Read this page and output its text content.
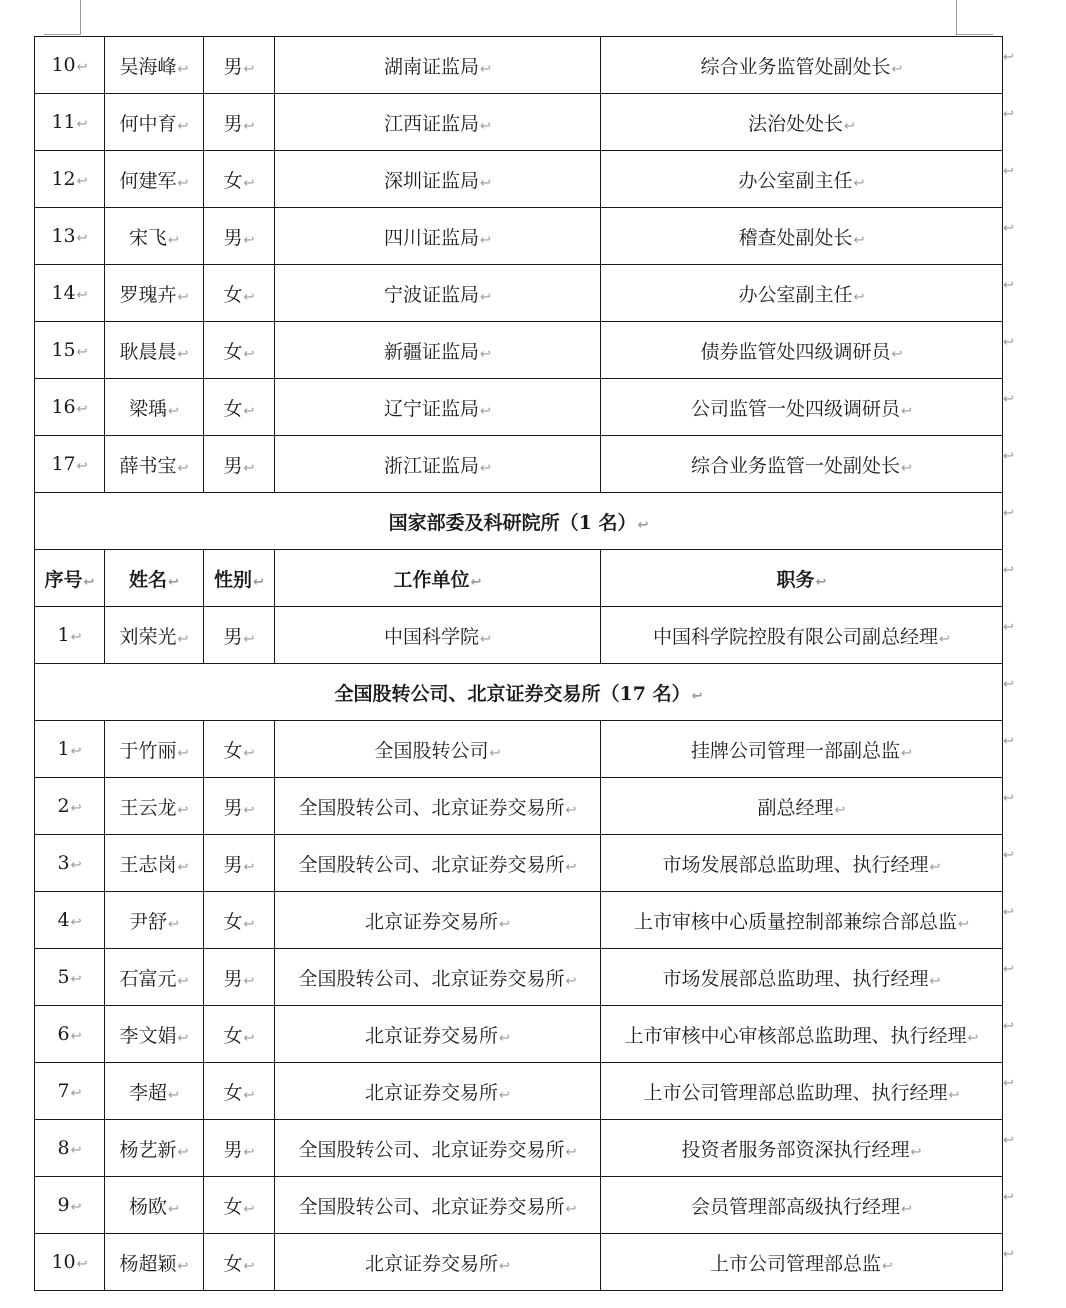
10↩	吴海峰↩	男↩	湖南证监局↩	综合业务监管处副处长↩
11↩	何中育↩	男↩	江西证监局↩	法治处处长↩
12↩	何建军↩	女↩	深圳证监局↩	办公室副主任↩
13↩	宋飞↩	男↩	四川证监局↩	稽查处副处长↩
14↩	罗瑰卉↩	女↩	宁波证监局↩	办公室副主任↩
15↩	耿晨晨↩	女↩	新疆证监局↩	债券监管处四级调研员↩
16↩	梁瑀↩	女↩	辽宁证监局↩	公司监管一处四级调研员↩
17↩	薛书宝↩	男↩	浙江证监局↩	综合业务监管一处副处长↩
国家部委及科研院所（1 名）↩				
序号↩	姓名↩	性别↩	工作单位↩	职务↩
1↩	刘荣光↩	男↩	中国科学院↩	中国科学院控股有限公司副总经理↩
全国股转公司、北京证券交易所（17 名）↩				
1↩	于竹丽↩	女↩	全国股转公司↩	挂牌公司管理一部副总监↩
2↩	王云龙↩	男↩	全国股转公司、北京证券交易所↩	副总经理↩
3↩	王志岗↩	男↩	全国股转公司、北京证券交易所↩	市场发展部总监助理、执行经理↩
4↩	尹舒↩	女↩	北京证券交易所↩	上市审核中心质量控制部兼综合部总监↩
5↩	石富元↩	男↩	全国股转公司、北京证券交易所↩	市场发展部总监助理、执行经理↩
6↩	李文娟↩	女↩	北京证券交易所↩	上市审核中心审核部总监助理、执行经理↩
7↩	李超↩	女↩	北京证券交易所↩	上市公司管理部总监助理、执行经理↩
8↩	杨艺新↩	男↩	全国股转公司、北京证券交易所↩	投资者服务部资深执行经理↩
9↩	杨欧↩	女↩	全国股转公司、北京证券交易所↩	会员管理部高级执行经理↩
10↩	杨超颖↩	女↩	北京证券交易所↩	上市公司管理部总监↩
↩
↩
↩
↩
↩
↩
↩
↩
↩
↩
↩
↩
↩
↩
↩
↩
↩
↩
↩
↩
↩
↩
